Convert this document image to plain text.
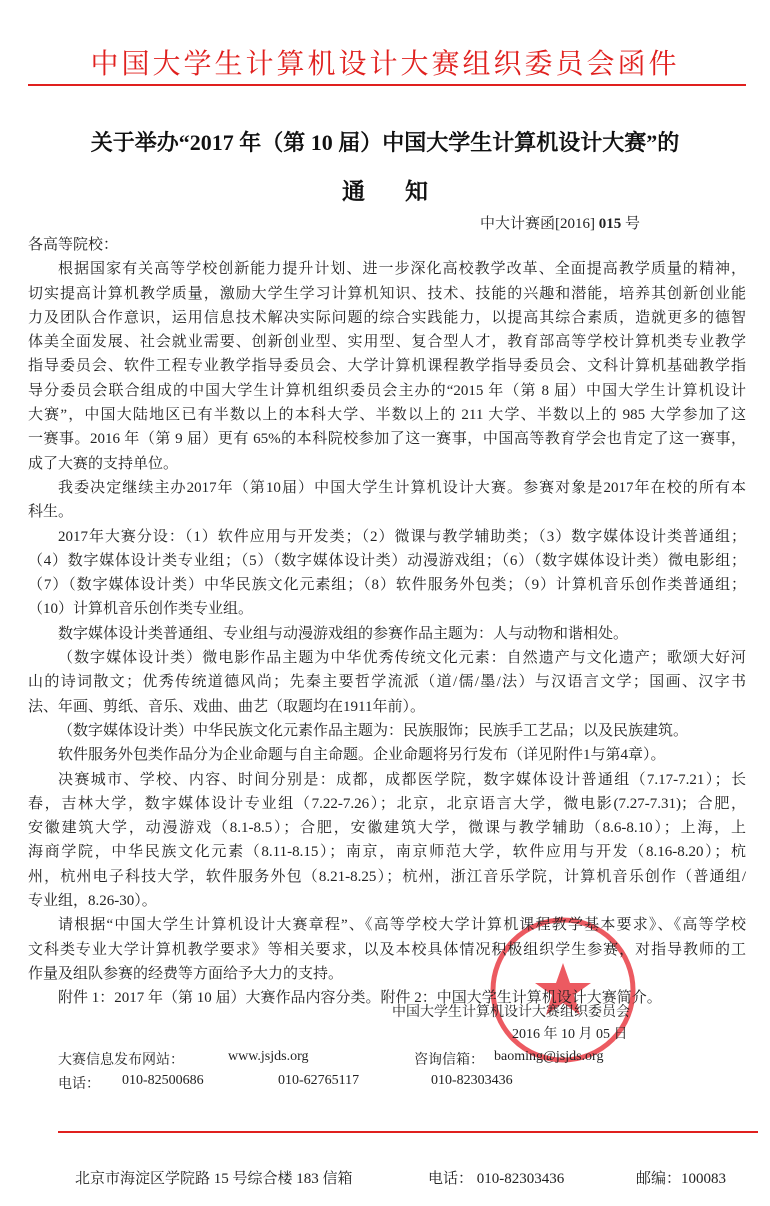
中国大学生计算机设计大赛组织委员会函件
关于举办“2017 年（第 10 届）中国大学生计算机设计大赛”的
通 知
中大计赛函[2016] 015 号
各高等院校：
根据国家有关高等学校创新能力提升计划、进一步深化高校教学改革、全面提高教学质量的精神，
切实提高计算机教学质量，激励大学生学习计算机知识、技术、技能的兴趣和潜能，培养其创新创业能
力及团队合作意识，运用信息技术解决实际问题的综合实践能力，以提高其综合素质，造就更多的德智
体美全面发展、社会就业需要、创新创业型、实用型、复合型人才，教育部高等学校计算机类专业教学
指导委员会、软件工程专业教学指导委员会、大学计算机课程教学指导委员会、文科计算机基础教学指
导分委员会联合组成的中国大学生计算机组织委员会主办的“2015 年（第 8 届）中国大学生计算机设计
大赛”，中国大陆地区已有半数以上的本科大学、半数以上的 211 大学、半数以上的 985 大学参加了这
一赛事。2016 年（第 9 届）更有 65%的本科院校参加了这一赛事，中国高等教育学会也肯定了这一赛事，
成了大赛的支持单位。
我委决定继续主办2017年（第10届）中国大学生计算机设计大赛。参赛对象是2017年在校的所有本
科生。
2017年大赛分设：（1）软件应用与开发类；（2）微课与教学辅助类；（3）数字媒体设计类普通组；
（4）数字媒体设计类专业组；（5）（数字媒体设计类）动漫游戏组；（6）（数字媒体设计类）微电影组；
（7）（数字媒体设计类）中华民族文化元素组；（8）软件服务外包类；（9）计算机音乐创作类普通组；
（10）计算机音乐创作类专业组。
数字媒体设计类普通组、专业组与动漫游戏组的参赛作品主题为：人与动物和谐相处。
（数字媒体设计类）微电影作品主题为中华优秀传统文化元素：自然遗产与文化遗产；歌颂大好河
山的诗词散文；优秀传统道德风尚；先秦主要哲学流派（道/儒/墨/法）与汉语言文学；国画、汉字书
法、年画、剪纸、音乐、戏曲、曲艺（取题均在1911年前）。
（数字媒体设计类）中华民族文化元素作品主题为：民族服饰；民族手工艺品；以及民族建筑。
软件服务外包类作品分为企业命题与自主命题。企业命题将另行发布（详见附件1与第4章）。
决赛城市、学校、内容、时间分别是：成都，成都医学院，数字媒体设计普通组（7.17-7.21）；长
春，吉林大学，数字媒体设计专业组（7.22-7.26）；北京，北京语言大学，微电影(7.27-7.31)；合肥，
安徽建筑大学，动漫游戏（8.1-8.5）；合肥，安徽建筑大学，微课与教学辅助（8.6-8.10）；上海，上
海商学院，中华民族文化元素（8.11-8.15）；南京，南京师范大学，软件应用与开发（8.16-8.20）；杭
州，杭州电子科技大学，软件服务外包（8.21-8.25）；杭州，浙江音乐学院，计算机音乐创作（普通组/
专业组，8.26-30）。
请根据“中国大学生计算机设计大赛章程”、《高等学校大学计算机课程教学基本要求》、《高等学校
文科类专业大学计算机教学要求》等相关要求，以及本校具体情况积极组织学生参赛，对指导教师的工
作量及组队参赛的经费等方面给予大力的支持。
附件 1：2017 年（第 10 届）大赛作品内容分类。附件 2：中国大学生计算机设计大赛简介。
中国大学生计算机设计大赛组织委员会
2016 年 10 月 05 日
大赛信息发布网站：	www.jsjds.org	咨询信箱： baoming@jsjds.org
电话： 010-82500686	010-62765117	010-82303436
北京市海淀区学院路 15 号综合楼 183 信箱	电话： 010-82303436	邮编：100083
